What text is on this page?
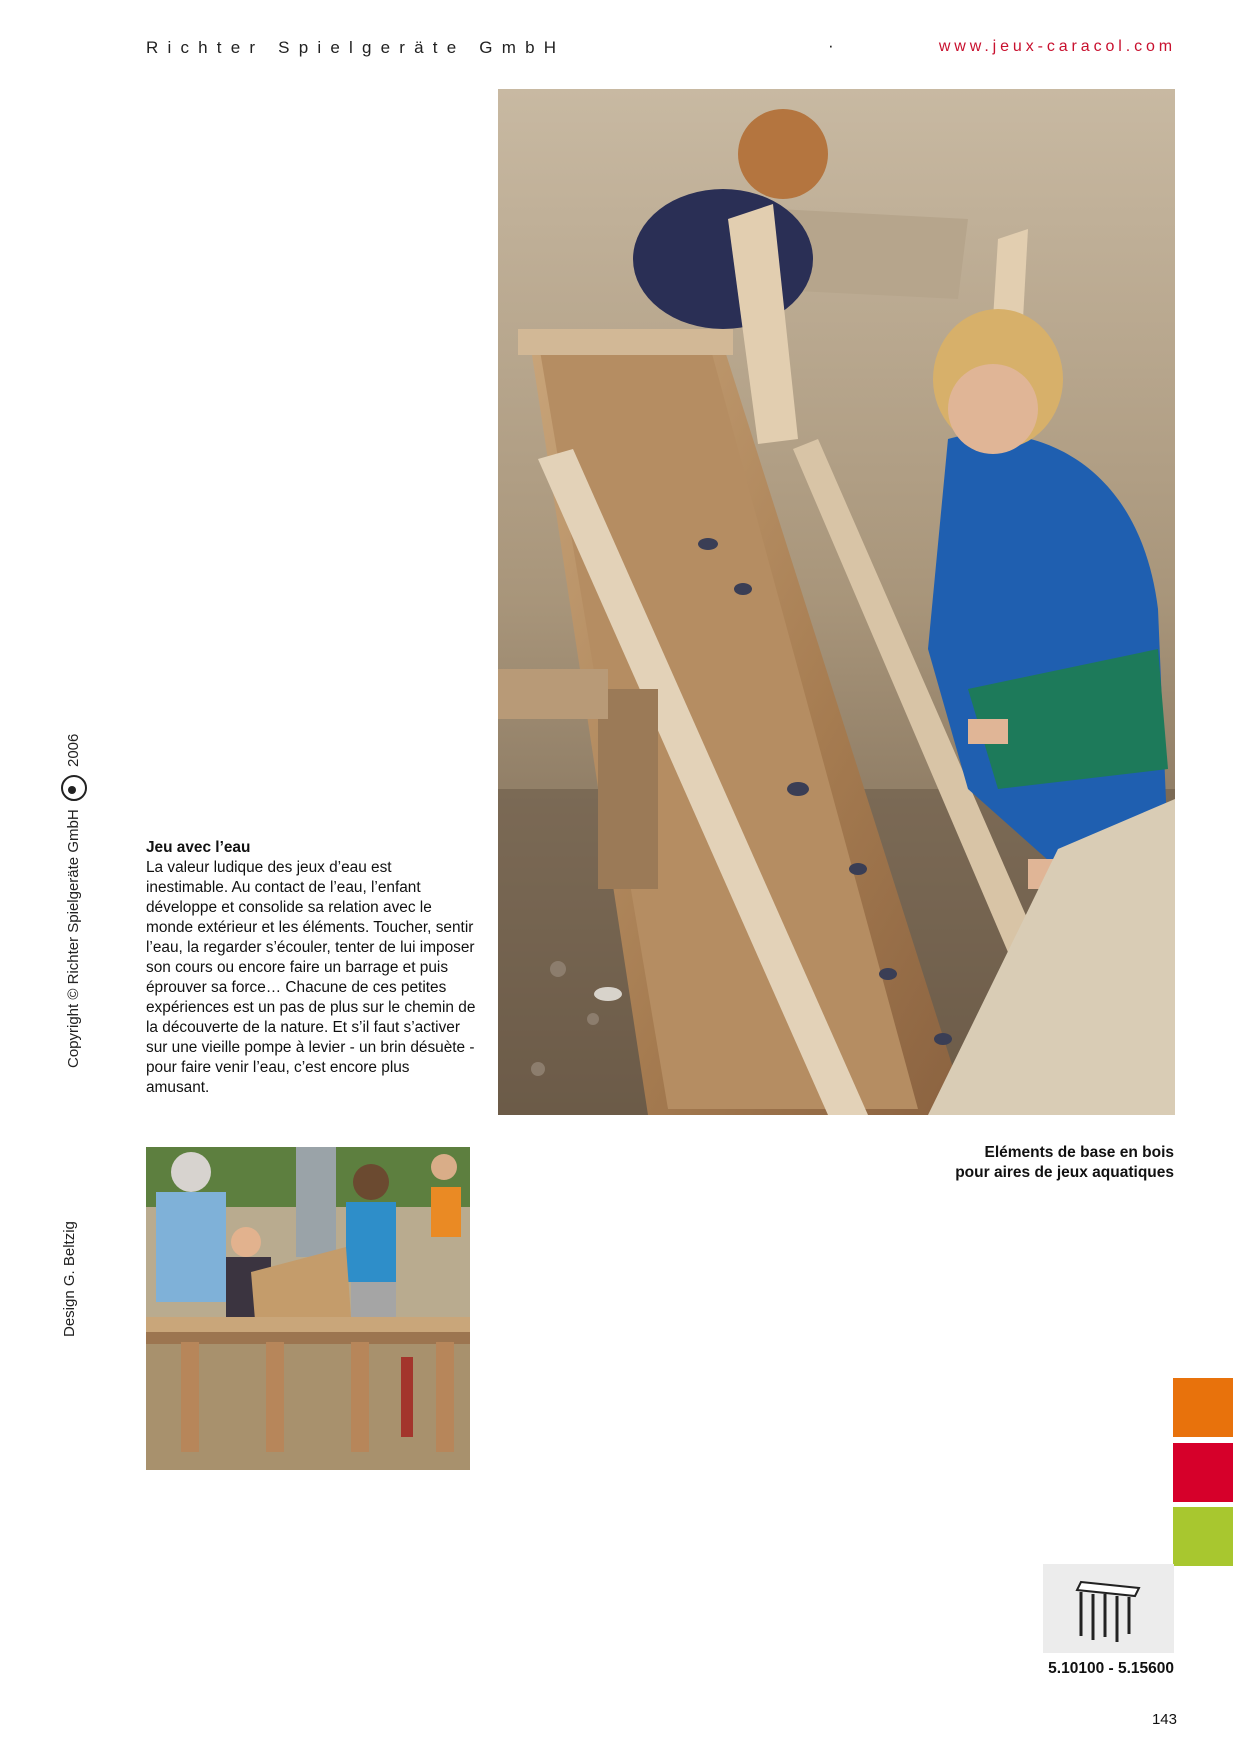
Richter Spielgeräte GmbH	·	www.jeux-caracol.com
Copyright © Richter Spielgeräte GmbH  2006
Design G. Beltzig
Jeu avec l’eau

La valeur ludique des jeux d’eau est inestimable. Au contact de l’eau, l’enfant développe et consolide sa relation avec le monde extérieur et les éléments. Toucher, sentir l’eau, la regarder s’écouler, tenter de lui imposer son cours ou encore faire un barrage et puis éprouver sa force… Chacune de ces petites expériences est un pas de plus sur le chemin de la découverte de la nature. Et s’il faut s’activer sur une vieille pompe à levier - un brin désuète - pour faire venir l’eau, c’est encore plus amusant.

Eléments de base en bois
pour aires de jeux aquatiques
5.10100 - 5.15600
143
